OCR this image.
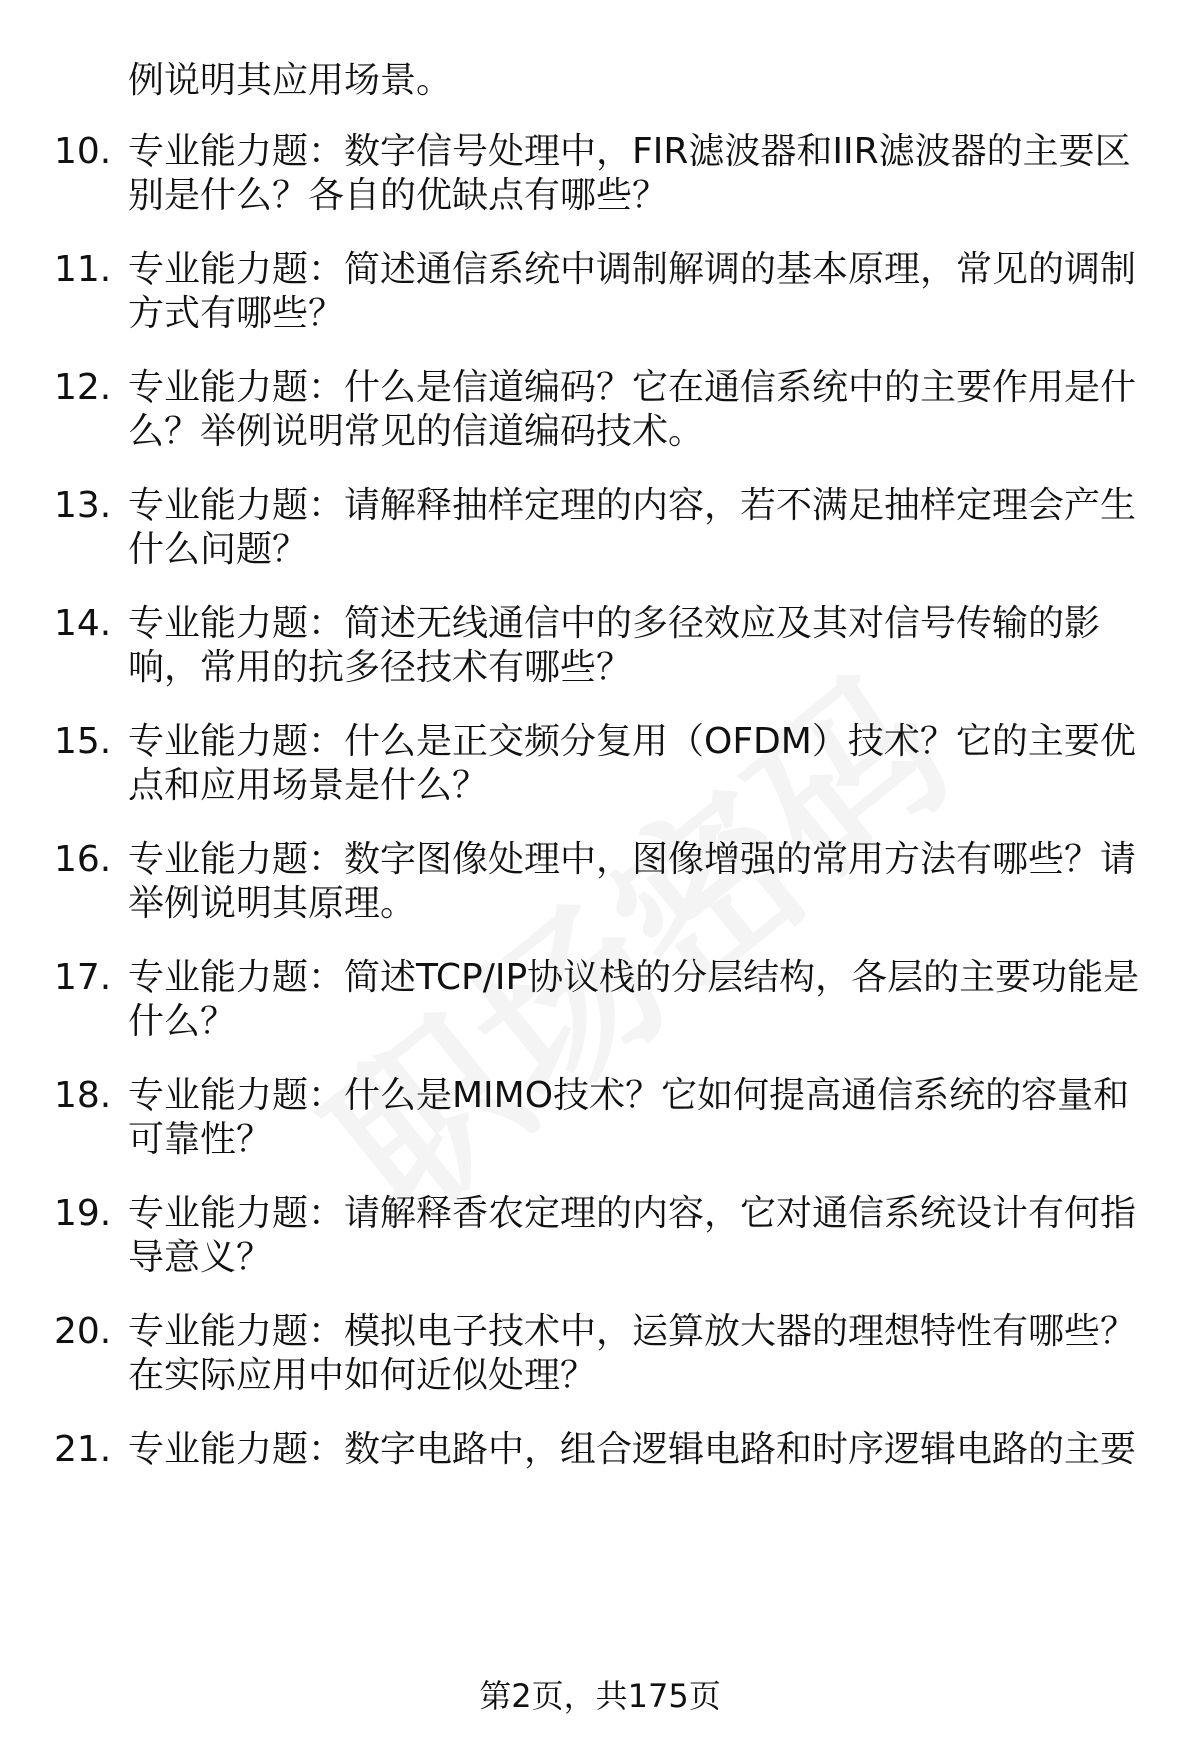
例说明其应用场景。
10. 专业能力题：数字信号处理中，FIR滤波器和IIR滤波器的主要区
别是什么？各自的优缺点有哪些？
11. 专业能力题：简述通信系统中调制解调的基本原理，常见的调制
方式有哪些？
12. 专业能力题：什么是信道编码？它在通信系统中的主要作用是什
么？举例说明常见的信道编码技术。
13. 专业能力题：请解释抽样定理的内容，若不满足抽样定理会产生
什么问题？
14. 专业能力题：简述无线通信中的多径效应及其对信号传输的影
响，常用的抗多径技术有哪些？
15. 专业能力题：什么是正交频分复用（OFDM）技术？它的主要优
点和应用场景是什么？
16. 专业能力题：数字图像处理中，图像增强的常用方法有哪些？请
举例说明其原理。
17. 专业能力题：简述TCP/IP协议栈的分层结构，各层的主要功能是
什么？
18. 专业能力题：什么是MIMO技术？它如何提高通信系统的容量和
可靠性？
19. 专业能力题：请解释香农定理的内容，它对通信系统设计有何指
导意义？
20. 专业能力题：模拟电子技术中，运算放大器的理想特性有哪些？
在实际应用中如何近似处理？
21. 专业能力题：数字电路中，组合逻辑电路和时序逻辑电路的主要
第2页，共175页
